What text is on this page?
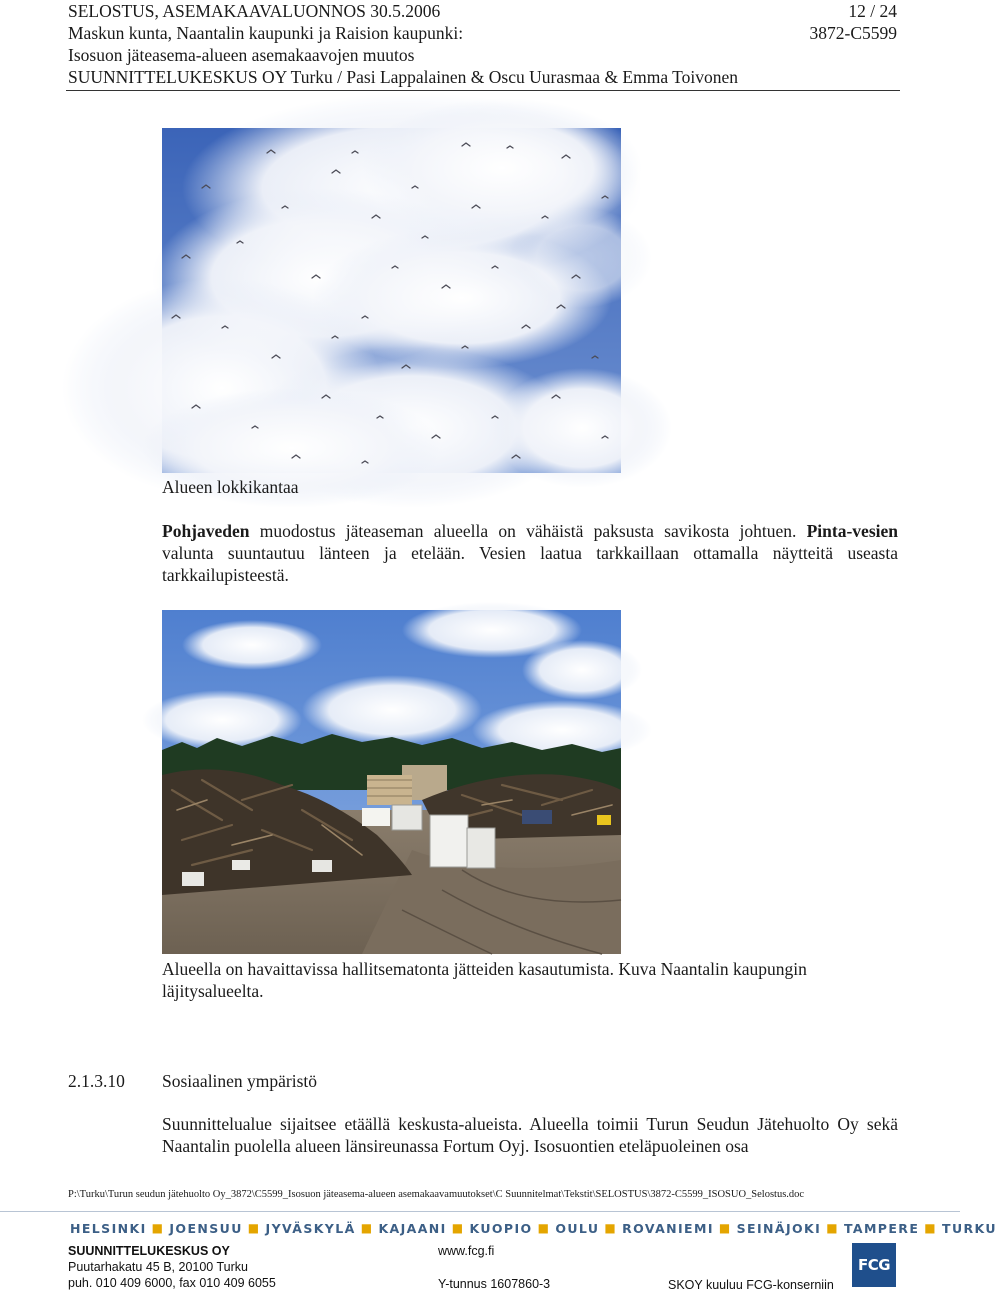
SELOSTUS, ASEMAKAAVALUONNOS 30.5.2006	12 / 24
Maskun kunta, Naantalin kaupunki ja Raision kaupunki:	3872-C5599
Isosuon jäteasema-alueen asemakaavojen muutos
SUUNNITTELUKESKUS OY Turku / Pasi Lappalainen & Oscu Uurasmaa & Emma Toivonen
Alueen lokkikantaa
Pohjaveden muodostus jäteaseman alueella on vähäistä paksusta savikosta johtuen. Pinta-vesien valunta suuntautuu länteen ja etelään. Vesien laatua tarkkaillaan ottamalla näytteitä useasta tarkkailupisteestä.
Alueella on havaittavissa hallitsematonta jätteiden kasautumista. Kuva Naantalin kaupungin läjitysalueelta.
2.1.3.10 Sosiaalinen ympäristö
Suunnittelualue sijaitsee etäällä keskusta-alueista. Alueella toimii Turun Seudun Jätehuolto Oy sekä Naantalin puolella alueen länsireunassa Fortum Oyj. Isosuontien eteläpuoleinen osa
P:\Turku\Turun seudun jätehuolto Oy_3872\C5599_Isosuon jäteasema-alueen asemakaavamuutokset\C Suunnitelmat\Tekstit\SELOSTUS\3872-C5599_ISOSUO_Selostus.doc
HELSINKI ■ JOENSUU ■ JYVÄSKYLÄ ■ KAJAANI ■ KUOPIO ■ OULU ■ ROVANIEMI ■ SEINÄJOKI ■ TAMPERE ■ TURKU
SUUNNITTELUKESKUS OY
Puutarhakatu 45 B, 20100 Turku
puh. 010 409 6000, fax 010 409 6055
www.fcg.fi
Y-tunnus 1607860-3	SKOY kuuluu FCG-konserniin
FCG
